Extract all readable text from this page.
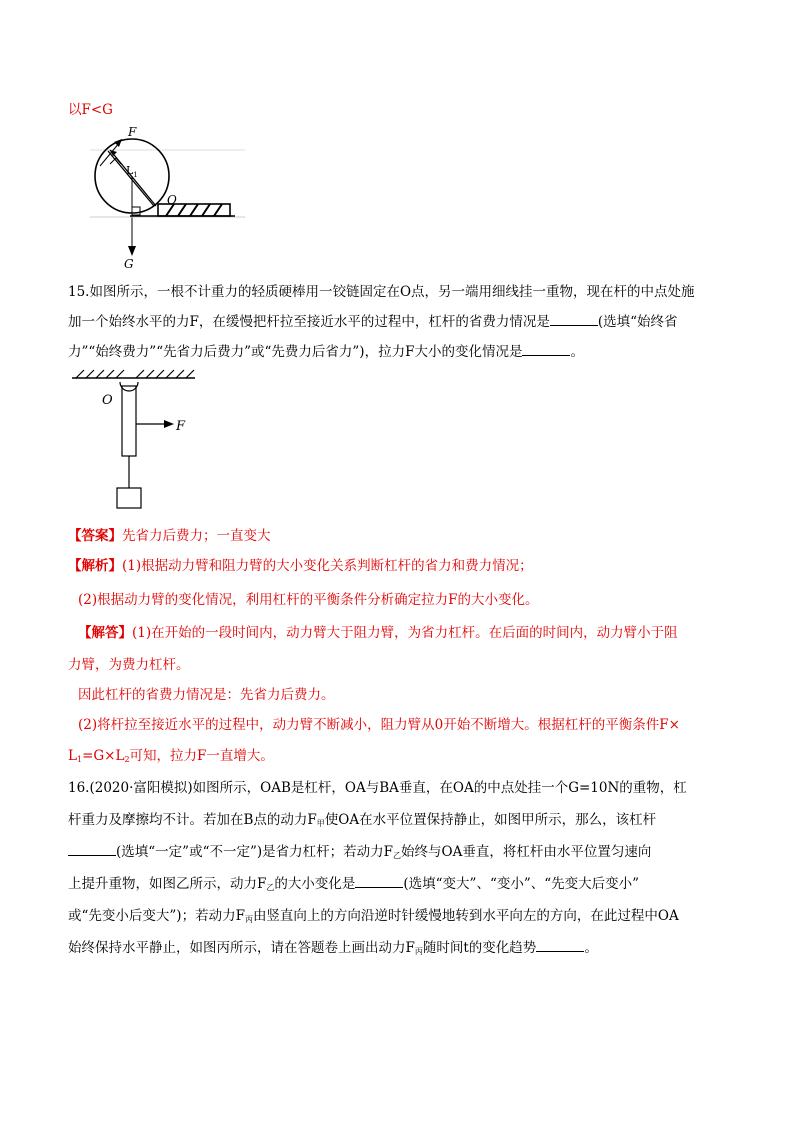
以F<G
F
$L_1$
O
G
15.如图所示，一根不计重力的轻质硬棒用一铰链固定在O点，另一端用细线挂一重物，现在杆的中点处施
加一个始终水平的力F，在缓慢把杆拉至接近水平的过程中，杠杆的省费力情况是	(选填“始终省
力”“始终费力”“先省力后费力”或“先费力后省力”)，拉力F大小的变化情况是	。
O
F
【答案】先省力后费力；一直变大
【解析】(1)根据动力臂和阻力臂的大小变化关系判断杠杆的省力和费力情况；
(2)根据动力臂的变化情况，利用杠杆的平衡条件分析确定拉力F的大小变化。
【解答】(1)在开始的一段时间内，动力臂大于阻力臂，为省力杠杆。在后面的时间内，动力臂小于阻
力臂，为费力杠杆。
因此杠杆的省费力情况是：先省力后费力。
(2)将杆拉至接近水平的过程中，动力臂不断减小，阻力臂从0开始不断增大。根据杠杆的平衡条件F×
$L_1=G\times L_2$可知，拉力F一直增大。
16.(2020·富阳模拟)如图所示，OAB是杠杆，OA与BA垂直，在OA的中点处挂一个G=10N的重物，杠
杆重力及摩擦均不计。若加在B点的动力$F_甲$使OA在水平位置保持静止，如图甲所示，那么，该杠杆
(选填“一定”或“不一定”)是省力杠杆；若动力$F_乙$始终与OA垂直，将杠杆由水平位置匀速向
上提升重物，如图乙所示，动力$F_乙$的大小变化是	(选填“变大”、“变小”、“先变大后变小”
或“先变小后变大”)；若动力$F_丙$由竖直向上的方向沿逆时针缓慢地转到水平向左的方向，在此过程中OA
始终保持水平静止，如图丙所示，请在答题卷上画出动力$F_丙$随时间t的变化趋势	。
